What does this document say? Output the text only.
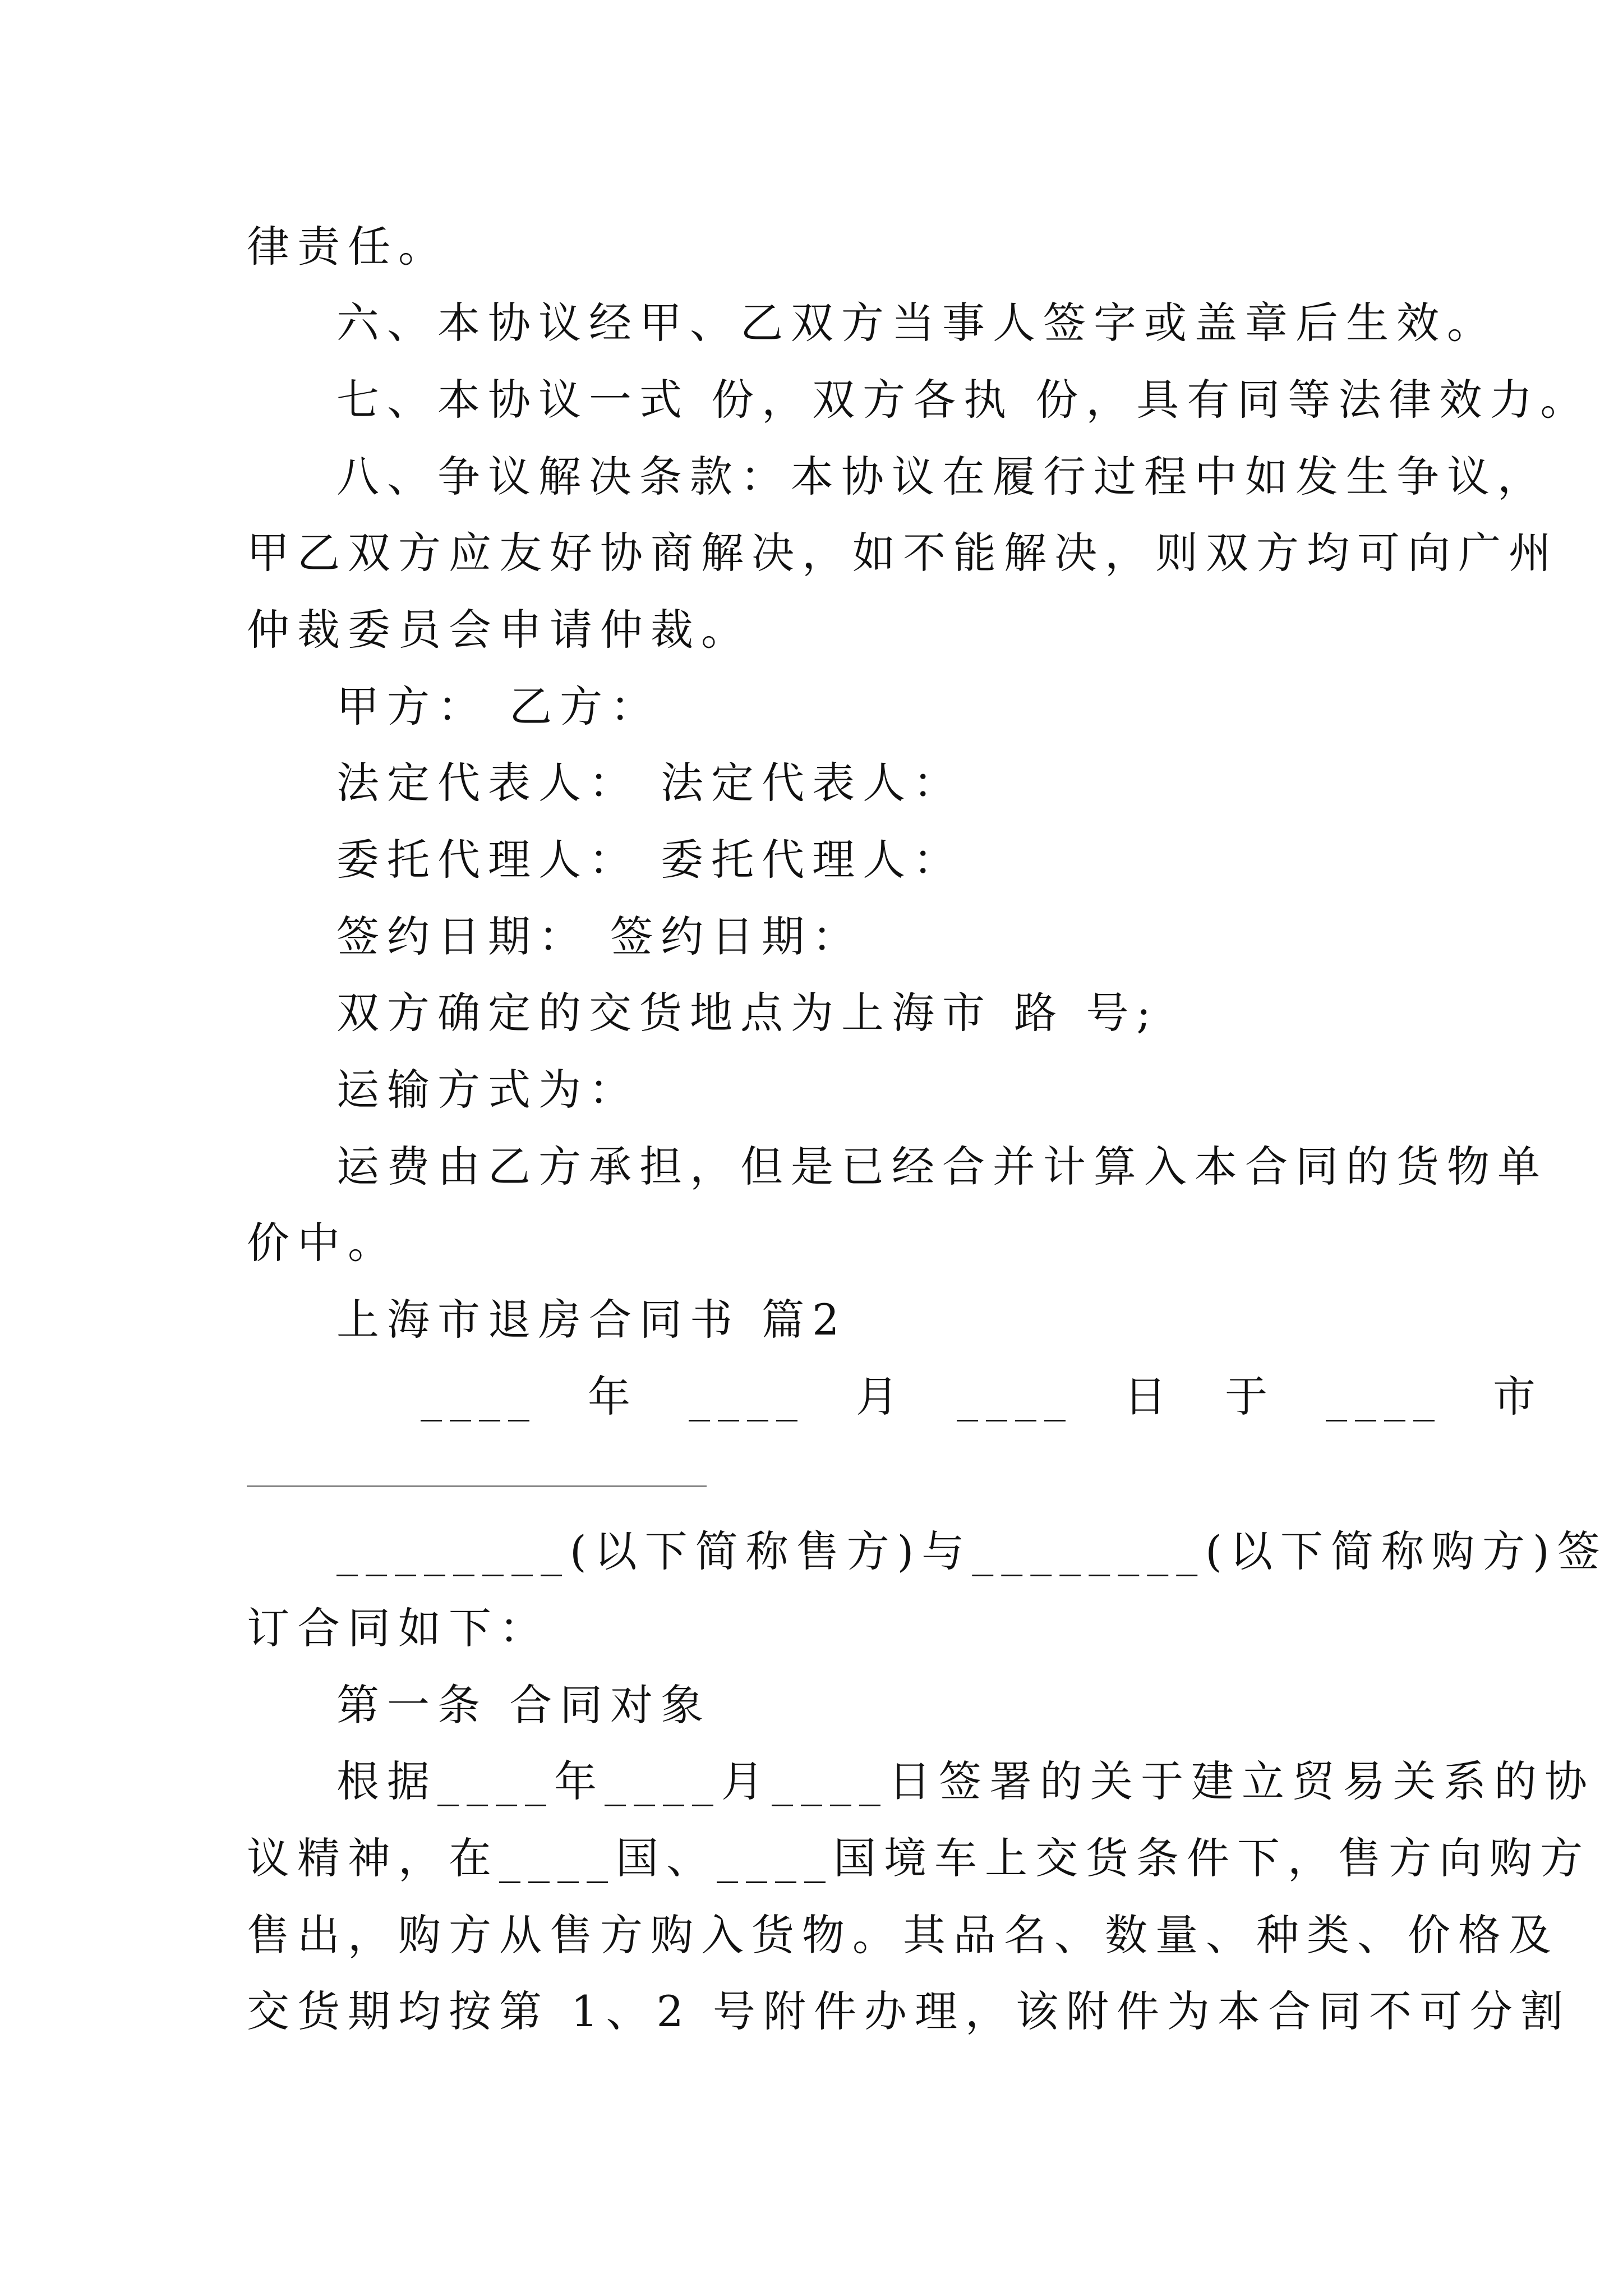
律责任。
六、本协议经甲、乙双方当事人签字或盖章后生效。
七、本协议一式 份，双方各执 份，具有同等法律效力。
八、争议解决条款：本协议在履行过程中如发生争议，
甲乙双方应友好协商解决，如不能解决，则双方均可向广州
仲裁委员会申请仲裁。
甲方： 乙方：
法定代表人： 法定代表人：
委托代理人： 委托代理人：
签约日期： 签约日期：
双方确定的交货地点为上海市 路 号;
运输方式为：
运费由乙方承担，但是已经合并计算入本合同的货物单
价中。
上海市退房合同书 篇2
____　年　____　月　____　日　于　____　市
________(以下简称售方)与________(以下简称购方)签
订合同如下：
第一条 合同对象
根据____年____月____日签署的关于建立贸易关系的协
议精神，在____国、____国境车上交货条件下，售方向购方
售出，购方从售方购入货物。其品名、数量、种类、价格及
交货期均按第 1、2 号附件办理，该附件为本合同不可分割
